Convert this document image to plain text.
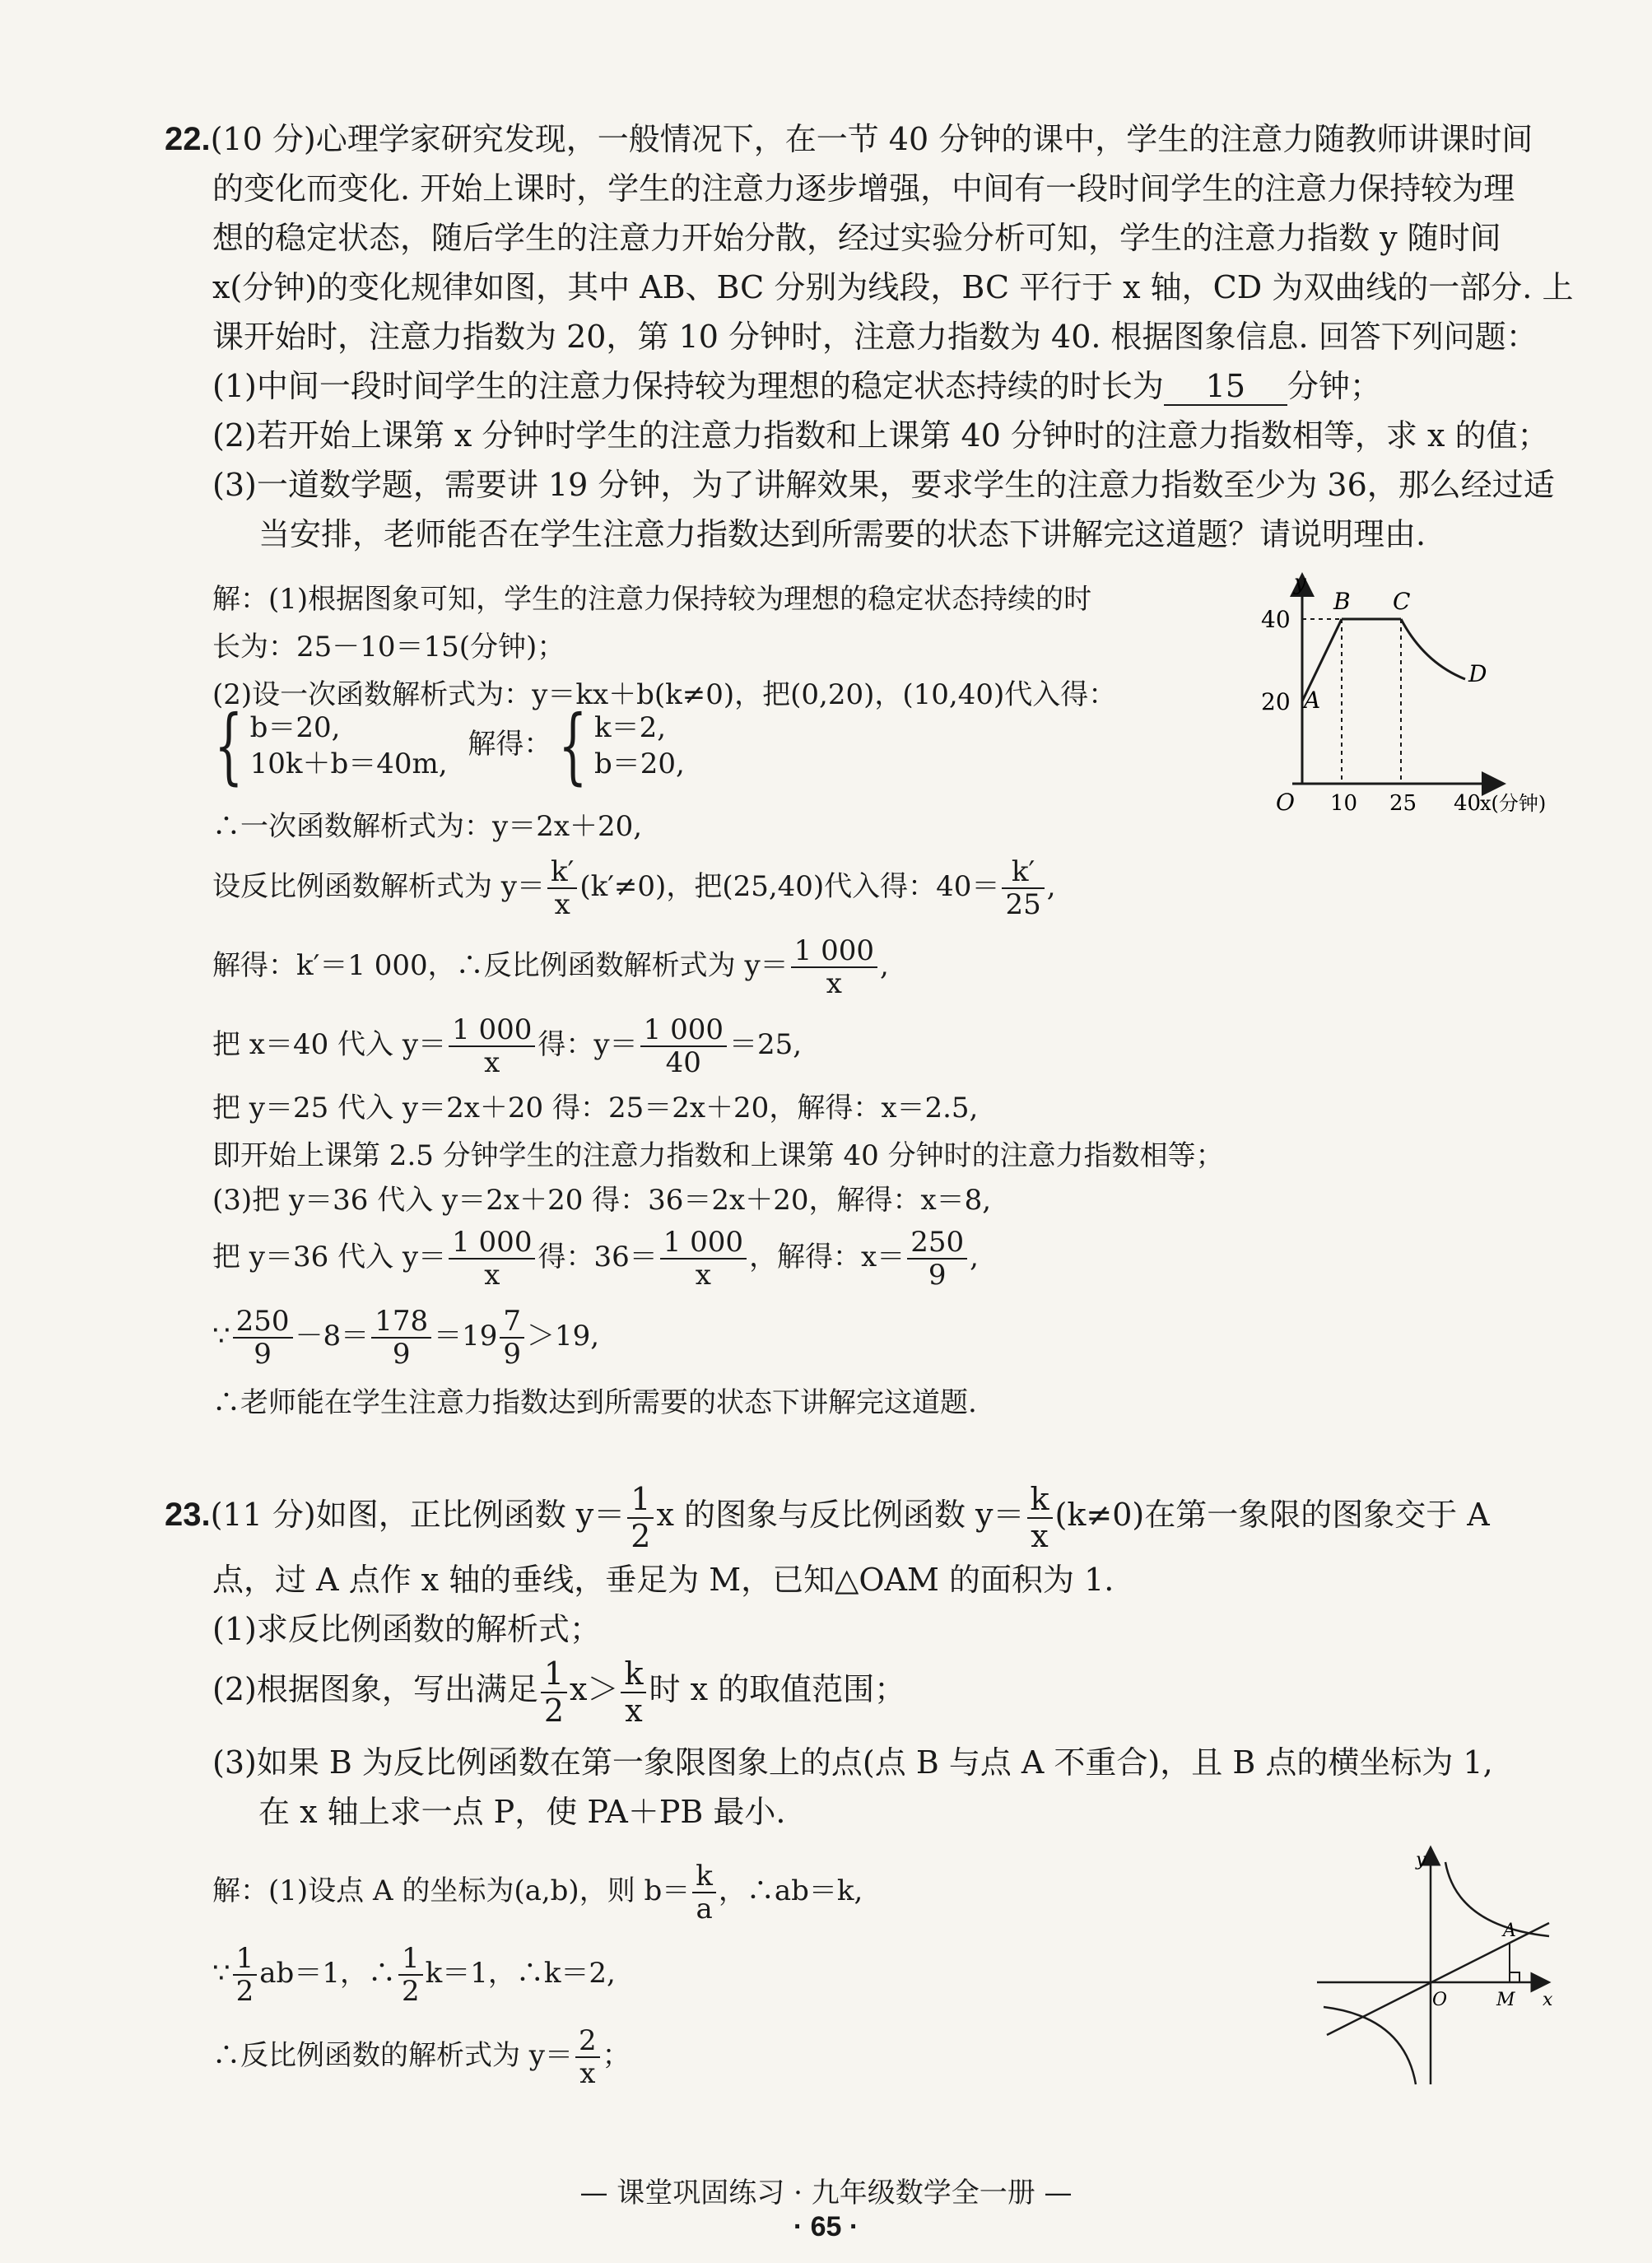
22.(10 分)心理学家研究发现，一般情况下，在一节 40 分钟的课中，学生的注意力随教师讲课时间
的变化而变化. 开始上课时，学生的注意力逐步增强，中间有一段时间学生的注意力保持较为理
想的稳定状态，随后学生的注意力开始分散，经过实验分析可知，学生的注意力指数 y 随时间
x(分钟)的变化规律如图，其中 AB、BC 分别为线段，BC 平行于 x 轴，CD 为双曲线的一部分. 上
课开始时，注意力指数为 20，第 10 分钟时，注意力指数为 40. 根据图象信息. 回答下列问题：
(1)中间一段时间学生的注意力保持较为理想的稳定状态持续的时长为 15 分钟；
(2)若开始上课第 x 分钟时学生的注意力指数和上课第 40 分钟时的注意力指数相等，求 x 的值；
(3)一道数学题，需要讲 19 分钟，为了讲解效果，要求学生的注意力指数至少为 36，那么经过适
当安排，老师能否在学生注意力指数达到所需要的状态下讲解完这道题？请说明理由.
解：(1)根据图象可知，学生的注意力保持较为理想的稳定状态持续的时
长为：25－10＝15(分钟)；
(2)设一次函数解析式为：y＝kx＋b(k≠0)，把(0,20)，(10,40)代入得：
{ b＝20,
10k＋b＝40m,
解得：{ k＝2,
b＝20,
∴一次函数解析式为：y＝2x＋20,
设反比例函数解析式为 $y= \frac{k'}{x} (k'\ne 0)$，把(25,40)代入得：$40= \frac{k'}{25}$ ,
解得：k′＝1 000，∴反比例函数解析式为 $y= \frac{1 000}{x}$ ,
把 x＝40 代入 $y= \frac{1 000}{x}$ 得：$y= \frac{1 000}{40} =25$,
把 y＝25 代入 y＝2x＋20 得：25＝2x＋20，解得：x＝2.5,
即开始上课第 2.5 分钟学生的注意力指数和上课第 40 分钟时的注意力指数相等；
(3)把 y＝36 代入 y＝2x＋20 得：36＝2x＋20，解得：x＝8,
把 y＝36 代入 $y= \frac{1 000}{x}$ 得：$36= \frac{1 000}{x}$ ，解得：$x= \frac{250}{9}$ ,
∵ $\frac{250}{9} -8= \frac{178}{9} =19 \frac{7}{9} >19$,
∴老师能在学生注意力指数达到所需要的状态下讲解完这道题.
y
40
20 A
B C
D
O 10 25 40
x(分钟)
23.(11 分)如图，正比例函数 $y= \frac{1}{2}$ x 的图象与反比例函数 $y= \frac{k}{x} (k\ne 0)$在第一象限的图象交于 A
点，过 A 点作 x 轴的垂线，垂足为 M，已知△OAM 的面积为 1.
(1)求反比例函数的解析式；
(2)根据图象，写出满足 $\frac{1}{2} x> \frac{k}{x}$ 时 x 的取值范围；
(3)如果 B 为反比例函数在第一象限图象上的点(点 B 与点 A 不重合)，且 B 点的横坐标为 1,
在 x 轴上求一点 P，使 PA＋PB 最小.
解：(1)设点 A 的坐标为(a,b)，则 $b= \frac{k}{a}$ ，∴ab＝k,
∵ $\frac{1}{2} ab=1$，∴ $\frac{1}{2} k=1$，∴k＝2,
∴反比例函数的解析式为 $y= \frac{2}{x}$ ；
y
A
O	M x
— 课堂巩固练习 · 九年级数学全一册 —
· 65 ·
